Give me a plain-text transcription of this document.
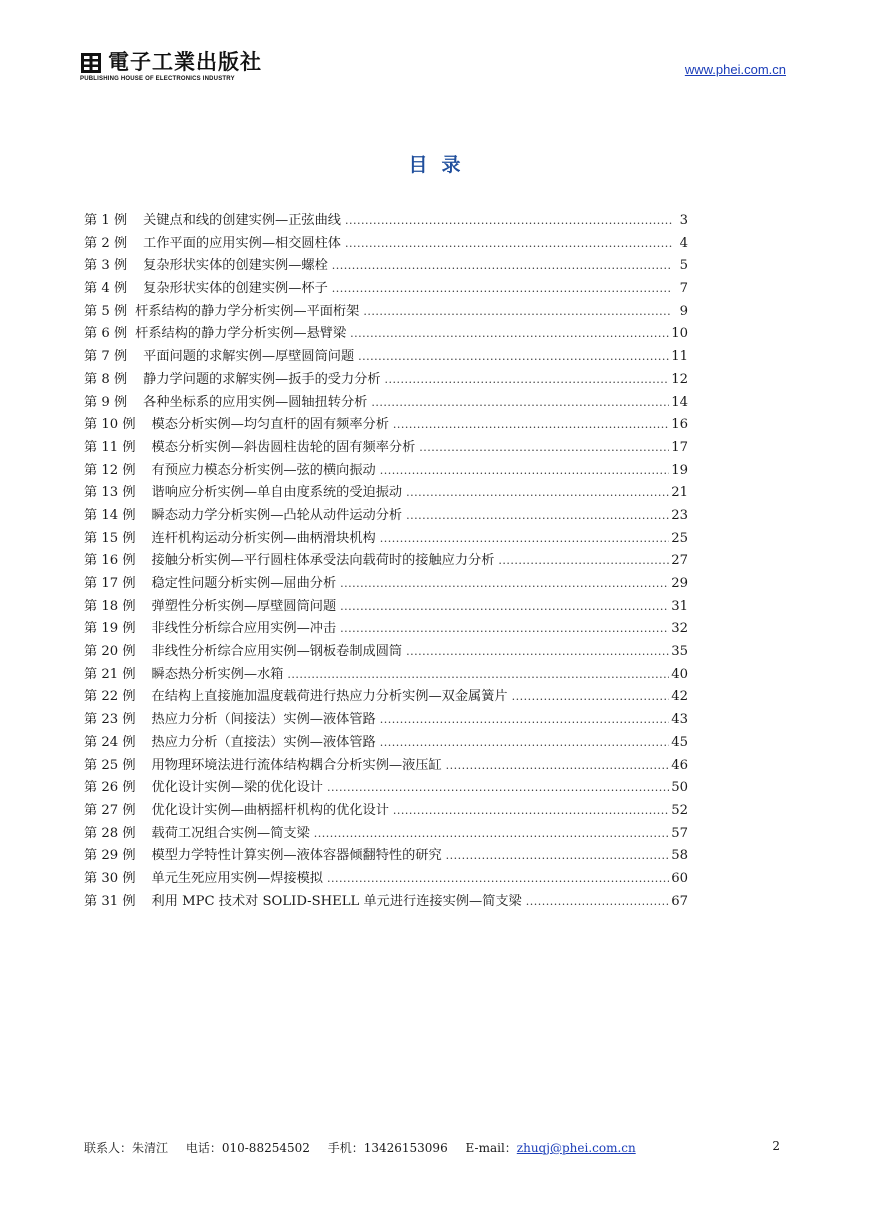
電子工業出版社
PUBLISHING HOUSE OF ELECTRONICS INDUSTRY
www.phei.com.cn
目录
第 1 例 关键点和线的创建实例—正弦曲线 .....	3
第 2 例 工作平面的应用实例—相交圆柱体 .....	4
第 3 例 复杂形状实体的创建实例—螺栓 .....	5
第 4 例 复杂形状实体的创建实例—杯子 .....	7
第 5 例 杆系结构的静力学分析实例—平面桁架 .....	9
第 6 例 杆系结构的静力学分析实例—悬臂梁 .....	10
第 7 例 平面问题的求解实例—厚壁圆筒问题 .....	11
第 8 例 静力学问题的求解实例—扳手的受力分析 .....	12
第 9 例 各种坐标系的应用实例—圆轴扭转分析 .....	14
第 10 例 模态分析实例—均匀直杆的固有频率分析 .....	16
第 11 例 模态分析实例—斜齿圆柱齿轮的固有频率分析 .....	17
第 12 例 有预应力模态分析实例—弦的横向振动 .....	19
第 13 例 谐响应分析实例—单自由度系统的受迫振动 .....	21
第 14 例 瞬态动力学分析实例—凸轮从动件运动分析 .....	23
第 15 例 连杆机构运动分析实例—曲柄滑块机构 .....	25
第 16 例 接触分析实例—平行圆柱体承受法向载荷时的接触应力分析 .....	27
第 17 例 稳定性问题分析实例—屈曲分析 .....	29
第 18 例 弹塑性分析实例—厚壁圆筒问题 .....	31
第 19 例 非线性分析综合应用实例—冲击 .....	32
第 20 例 非线性分析综合应用实例—钢板卷制成圆筒 .....	35
第 21 例 瞬态热分析实例—水箱 .....	40
第 22 例 在结构上直接施加温度载荷进行热应力分析实例—双金属簧片 .....	42
第 23 例 热应力分析（间接法）实例—液体管路 .....	43
第 24 例 热应力分析（直接法）实例—液体管路 .....	45
第 25 例 用物理环境法进行流体结构耦合分析实例—液压缸 .....	46
第 26 例 优化设计实例—梁的优化设计 .....	50
第 27 例 优化设计实例—曲柄摇杆机构的优化设计 .....	52
第 28 例 载荷工况组合实例—简支梁 .....	57
第 29 例 模型力学特性计算实例—液体容器倾翻特性的研究 .....	58
第 30 例 单元生死应用实例—焊接模拟 .....	60
第 31 例 利用 MPC 技术对 SOLID-SHELL 单元进行连接实例—简支梁 .....	67
联系人：朱清江 电话：010-88254502 手机：13426153096 E-mail：zhuqj@phei.com.cn	2
